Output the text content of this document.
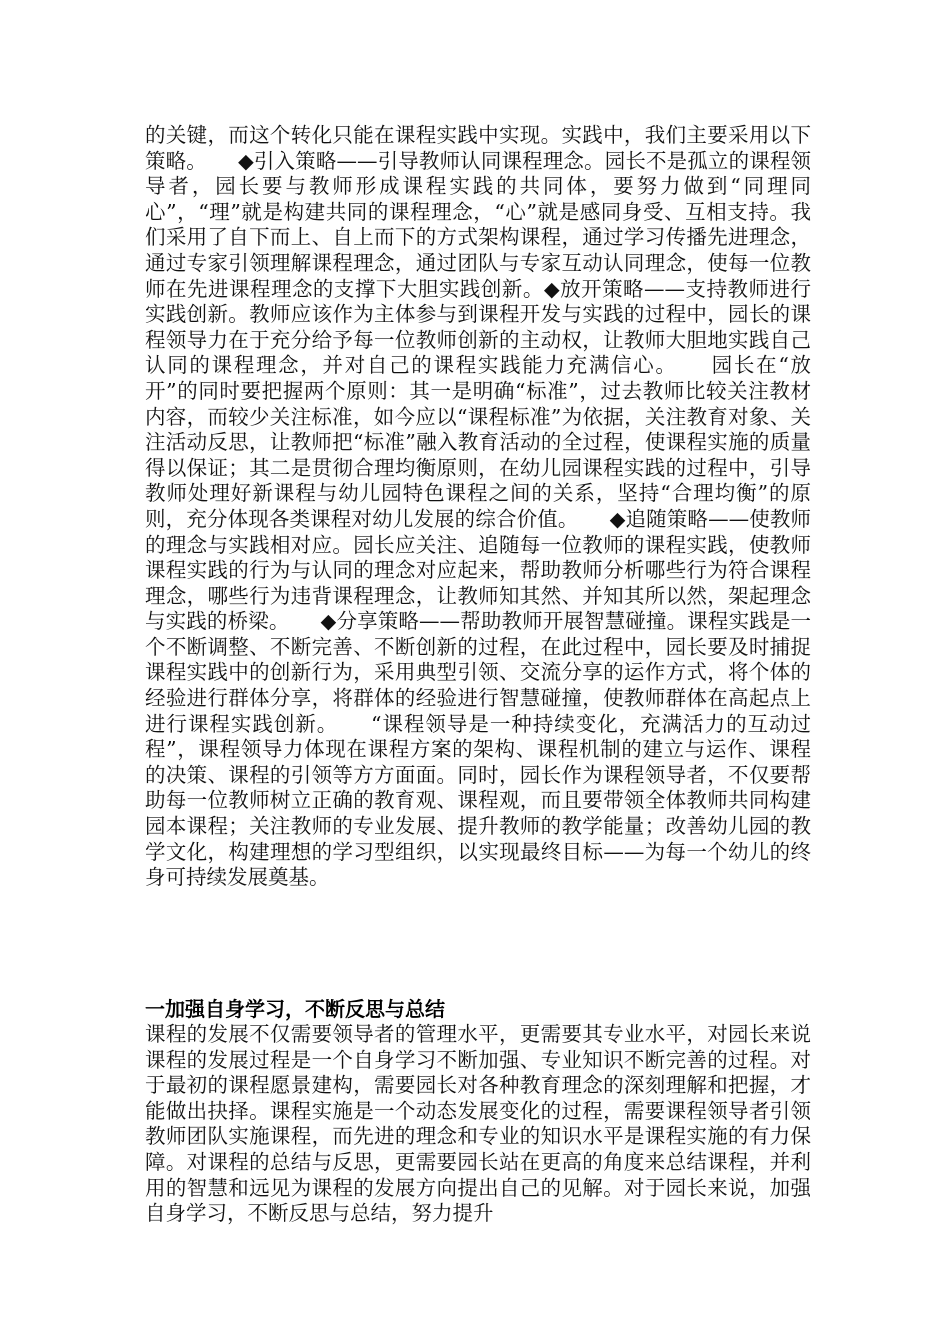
的关键，而这个转化只能在课程实践中实现。实践中，我们主要采用以下策略。　　◆引入策略——引导教师认同课程理念。园长不是孤立的课程领导者，园长要与教师形成课程实践的共同体，要努力做到“同理同心”，“理”就是构建共同的课程理念，“心”就是感同身受、互相支持。我们采用了自下而上、自上而下的方式架构课程，通过学习传播先进理念，通过专家引领理解课程理念，通过团队与专家互动认同理念，使每一位教师在先进课程理念的支撑下大胆实践创新。◆放开策略——支持教师进行实践创新。教师应该作为主体参与到课程开发与实践的过程中，园长的课程领导力在于充分给予每一位教师创新的主动权，让教师大胆地实践自己认同的课程理念，并对自己的课程实践能力充满信心。　　园长在“放开”的同时要把握两个原则：其一是明确“标准”，过去教师比较关注教材内容，而较少关注标准，如今应以“课程标准”为依据，关注教育对象、关注活动反思，让教师把“标准”融入教育活动的全过程，使课程实施的质量得以保证；其二是贯彻合理均衡原则，在幼儿园课程实践的过程中，引导教师处理好新课程与幼儿园特色课程之间的关系，坚持“合理均衡”的原则，充分体现各类课程对幼儿发展的综合价值。　　◆追随策略——使教师的理念与实践相对应。园长应关注、追随每一位教师的课程实践，使教师课程实践的行为与认同的理念对应起来，帮助教师分析哪些行为符合课程理念，哪些行为违背课程理念，让教师知其然、并知其所以然，架起理念与实践的桥梁。　　◆分享策略——帮助教师开展智慧碰撞。课程实践是一个不断调整、不断完善、不断创新的过程，在此过程中，园长要及时捕捉课程实践中的创新行为，采用典型引领、交流分享的运作方式，将个体的经验进行群体分享，将群体的经验进行智慧碰撞，使教师群体在高起点上进行课程实践创新。　　“课程领导是一种持续变化，充满活力的互动过程”，课程领导力体现在课程方案的架构、课程机制的建立与运作、课程的决策、课程的引领等方方面面。同时，园长作为课程领导者，不仅要帮助每一位教师树立正确的教育观、课程观，而且要带领全体教师共同构建园本课程；关注教师的专业发展、提升教师的教学能量；改善幼儿园的教学文化，构建理想的学习型组织，以实现最终目标——为每一个幼儿的终身可持续发展奠基。

一加强自身学习，不断反思与总结

课程的发展不仅需要领导者的管理水平，更需要其专业水平，对园长来说课程的发展过程是一个自身学习不断加强、专业知识不断完善的过程。对于最初的课程愿景建构，需要园长对各种教育理念的深刻理解和把握，才能做出抉择。课程实施是一个动态发展变化的过程，需要课程领导者引领教师团队实施课程，而先进的理念和专业的知识水平是课程实施的有力保障。对课程的总结与反思，更需要园长站在更高的角度来总结课程，并利用的智慧和远见为课程的发展方向提出自己的见解。对于园长来说，加强自身学习，不断反思与总结，努力提升
